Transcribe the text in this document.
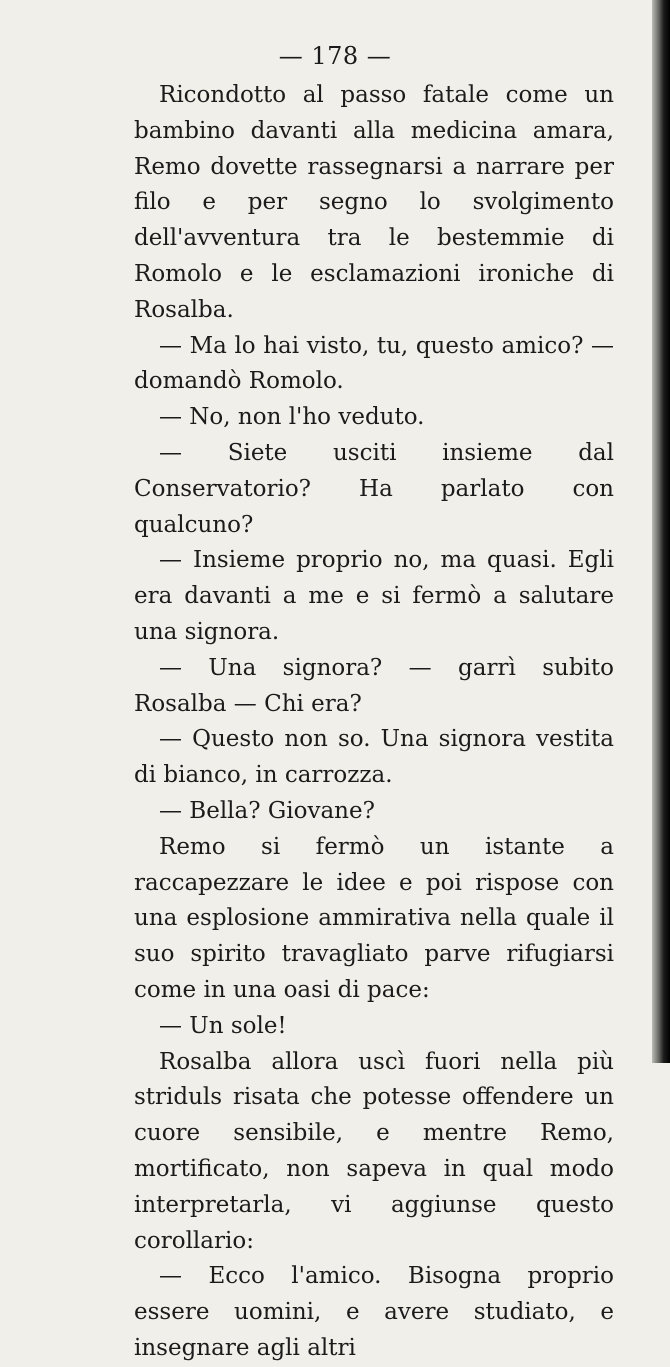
— 178 —

Ricondotto al passo fatale come un bambino davanti alla medicina amara, Remo dovette rassegnarsi a narrare per filo e per segno lo svolgimento dell'avventura tra le bestemmie di Romolo e le esclamazioni ironiche di Rosalba.

— Ma lo hai visto, tu, questo amico? — domandò Romolo.

— No, non l'ho veduto.

— Siete usciti insieme dal Conservatorio? Ha parlato con qualcuno?

— Insieme proprio no, ma quasi. Egli era davanti a me e si fermò a salutare una signora.

— Una signora? — garrì subito Rosalba — Chi era?

— Questo non so. Una signora vestita di bianco, in carrozza.

— Bella? Giovane?

Remo si fermò un istante a raccapezzare le idee e poi rispose con una esplosione ammirativa nella quale il suo spirito travagliato parve rifugiarsi come in una oasi di pace:

— Un sole!

Rosalba allora uscì fuori nella più striduls risata che potesse offendere un cuore sensibile, e mentre Remo, mortificato, non sapeva in qual modo interpretarla, vi aggiunse questo corollario:

— Ecco l'amico. Bisogna proprio essere uomini, e avere studiato, e insegnare agli altri
